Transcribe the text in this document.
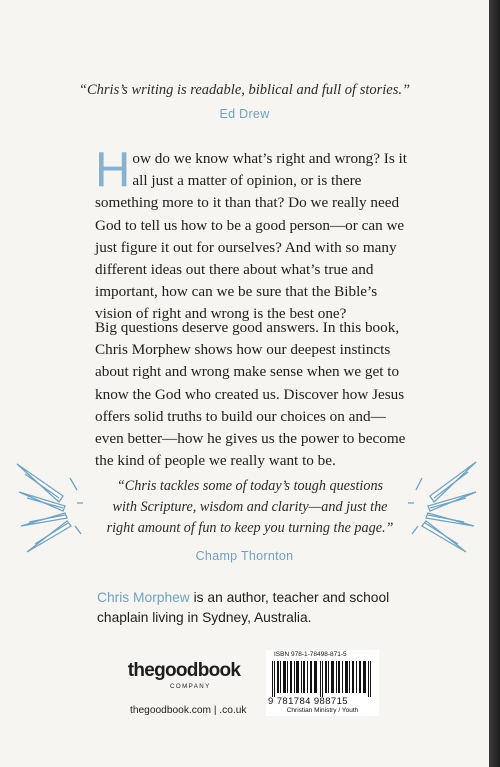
“Chris’s writing is readable, biblical and full of stories.”
Ed Drew
How do we know what’s right and wrong? Is it all just a matter of opinion, or is there something more to it than that? Do we really need God to tell us how to be a good person—or can we just figure it out for ourselves? And with so many different ideas out there about what’s true and important, how can we be sure that the Bible’s vision of right and wrong is the best one?
Big questions deserve good answers. In this book, Chris Morphew shows how our deepest instincts about right and wrong make sense when we get to know the God who created us. Discover how Jesus offers solid truths to build our choices on and—even better—how he gives us the power to become the kind of people we really want to be.
“Chris tackles some of today’s tough questions with Scripture, wisdom and clarity—and just the right amount of fun to keep you turning the page.”
Champ Thornton
Chris Morphew is an author, teacher and school chaplain living in Sydney, Australia.
thegoodbook
COMPANY
thegoodbook.com | .co.uk
ISBN 978-1-78498-871-5
9 781784 988715
Christian Ministry / Youth
